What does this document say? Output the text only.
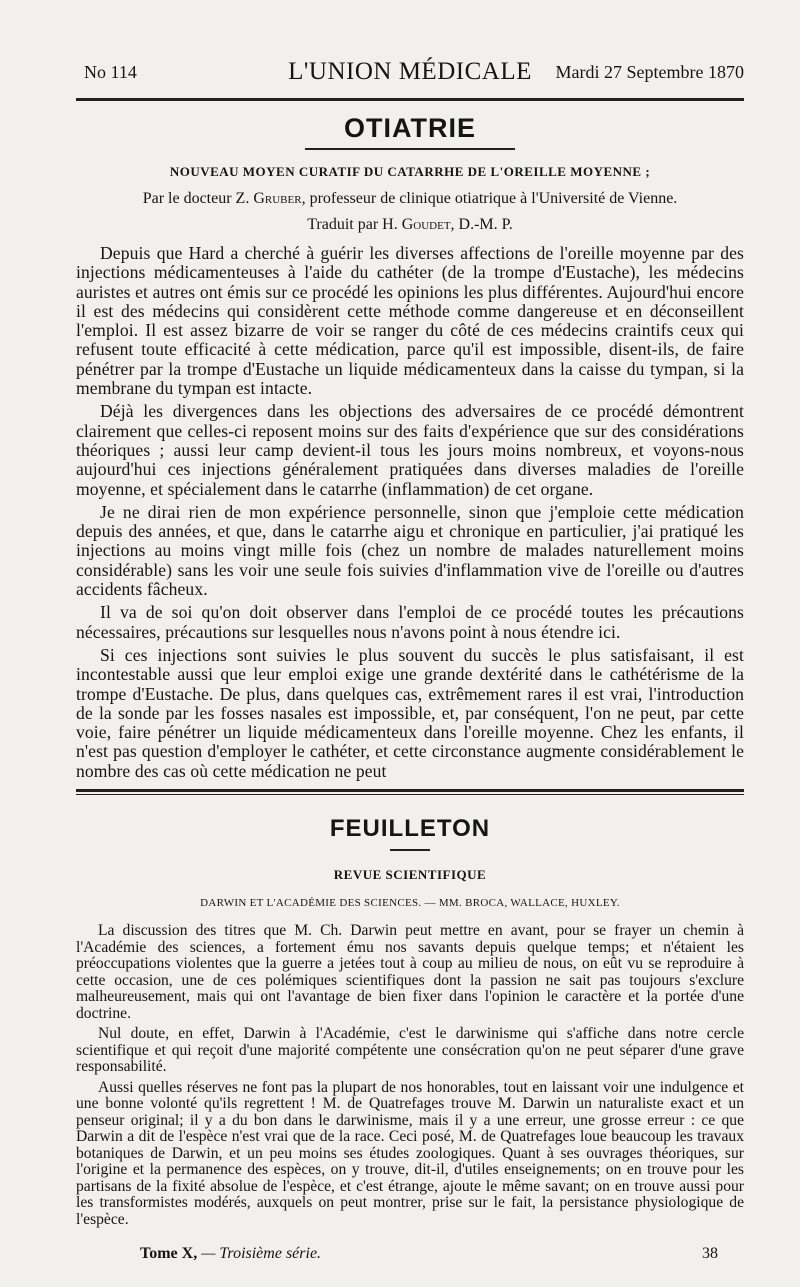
No 114	L'UNION MÉDICALE	Mardi 27 Septembre 1870
OTIATRIE
NOUVEAU MOYEN CURATIF DU CATARRHE DE L'OREILLE MOYENNE ;
Par le docteur Z. Gruber, professeur de clinique otiatrique à l'Université de Vienne.
Traduit par H. Goudet, D.-M. P.

Depuis que Hard a cherché à guérir les diverses affections de l'oreille moyenne par des injections médicamenteuses à l'aide du cathéter (de la trompe d'Eustache), les médecins auristes et autres ont émis sur ce procédé les opinions les plus différentes. Aujourd'hui encore il est des médecins qui considèrent cette méthode comme dangereuse et en déconseillent l'emploi. Il est assez bizarre de voir se ranger du côté de ces médecins craintifs ceux qui refusent toute efficacité à cette médication, parce qu'il est impossible, disent-ils, de faire pénétrer par la trompe d'Eustache un liquide médicamenteux dans la caisse du tympan, si la membrane du tympan est intacte.

Déjà les divergences dans les objections des adversaires de ce procédé démontrent clairement que celles-ci reposent moins sur des faits d'expérience que sur des considérations théoriques ; aussi leur camp devient-il tous les jours moins nombreux, et voyons-nous aujourd'hui ces injections généralement pratiquées dans diverses maladies de l'oreille moyenne, et spécialement dans le catarrhe (inflammation) de cet organe.

Je ne dirai rien de mon expérience personnelle, sinon que j'emploie cette médication depuis des années, et que, dans le catarrhe aigu et chronique en particulier, j'ai pratiqué les injections au moins vingt mille fois (chez un nombre de malades naturellement moins considérable) sans les voir une seule fois suivies d'inflammation vive de l'oreille ou d'autres accidents fâcheux.

Il va de soi qu'on doit observer dans l'emploi de ce procédé toutes les précautions nécessaires, précautions sur lesquelles nous n'avons point à nous étendre ici.

Si ces injections sont suivies le plus souvent du succès le plus satisfaisant, il est incontestable aussi que leur emploi exige une grande dextérité dans le cathétérisme de la trompe d'Eustache. De plus, dans quelques cas, extrêmement rares il est vrai, l'introduction de la sonde par les fosses nasales est impossible, et, par conséquent, l'on ne peut, par cette voie, faire pénétrer un liquide médicamenteux dans l'oreille moyenne. Chez les enfants, il n'est pas question d'employer le cathéter, et cette circonstance augmente considérablement le nombre des cas où cette médication ne peut

FEUILLETON
REVUE SCIENTIFIQUE
DARWIN ET L'ACADÉMIE DES SCIENCES. — MM. BROCA, WALLACE, HUXLEY.

La discussion des titres que M. Ch. Darwin peut mettre en avant, pour se frayer un chemin à l'Académie des sciences, a fortement ému nos savants depuis quelque temps; et n'étaient les préoccupations violentes que la guerre a jetées tout à coup au milieu de nous, on eût vu se reproduire à cette occasion, une de ces polémiques scientifiques dont la passion ne sait pas toujours s'exclure malheureusement, mais qui ont l'avantage de bien fixer dans l'opinion le caractère et la portée d'une doctrine.

Nul doute, en effet, Darwin à l'Académie, c'est le darwinisme qui s'affiche dans notre cercle scientifique et qui reçoit d'une majorité compétente une consécration qu'on ne peut séparer d'une grave responsabilité.

Aussi quelles réserves ne font pas la plupart de nos honorables, tout en laissant voir une indulgence et une bonne volonté qu'ils regrettent ! M. de Quatrefages trouve M. Darwin un naturaliste exact et un penseur original; il y a du bon dans le darwinisme, mais il y a une erreur, une grosse erreur : ce que Darwin a dit de l'espèce n'est vrai que de la race. Ceci posé, M. de Quatrefages loue beaucoup les travaux botaniques de Darwin, et un peu moins ses études zoologiques. Quant à ses ouvrages théoriques, sur l'origine et la permanence des espèces, on y trouve, dit-il, d'utiles enseignements; on en trouve pour les partisans de la fixité absolue de l'espèce, et c'est étrange, ajoute le même savant; on en trouve aussi pour les transformistes modérés, auxquels on peut montrer, prise sur le fait, la persistance physiologique de l'espèce.

Tome X, — Troisième série.	38
